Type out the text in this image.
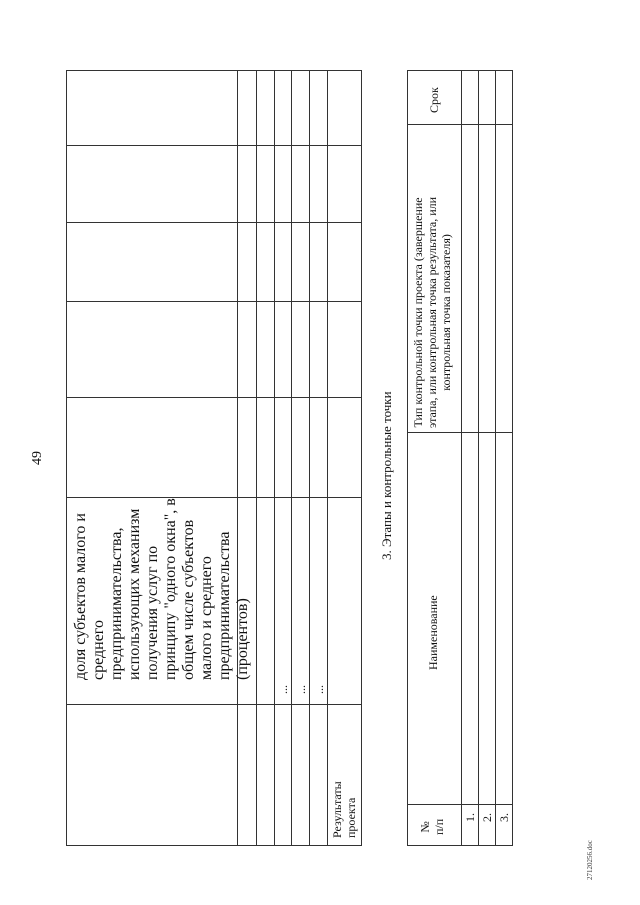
49
доля субъектов малого и среднего предпринимательства, использующих механизм получения услуг по принципу "одного окна", в общем числе субъектов малого и среднего предпринимательства (процентов)
... ... ...
Результаты проекта
3. Этапы и контрольные точки
№ п/п
Наименование
Тип контрольной точки проекта (завершение этапа, или контрольная точка результата, или контрольная точка показателя)
Срок
1. 2. 3.
27120256.doc
